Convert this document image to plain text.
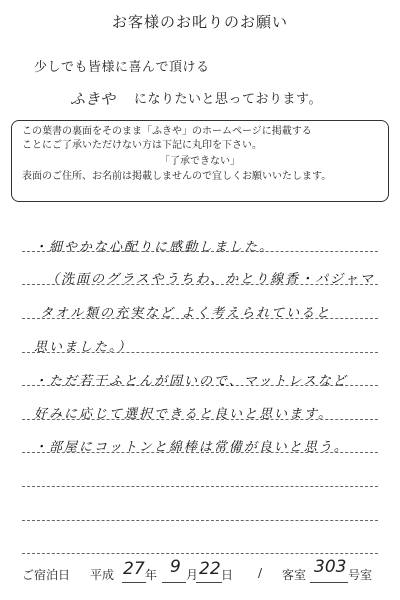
お客様のお叱りのお願い
少しでも皆様に喜んで頂ける
ふきや になりたいと思っております。
この葉書の裏面をそのまま「ふきや」のホームページに掲載する
ことにご了承いただけない方は下記に丸印を下さい。
「了承できない」
表面のご住所、お名前は掲載しませんので宜しくお願いいたします。
・細やかな心配りに感動しました。
（洗面のグラスやうちわ、かとり線香・パジャマ
タオル類の充実など よく考えられていると
思いました。）
・ただ若干ふとんが固いので、マットレスなど
好みに応じて選択できると良いと思います。
・部屋にコットンと綿棒は常備が良いと思う。
ご宿泊日 平成 27 年 9 月 22 日 / 客室 303 号室
